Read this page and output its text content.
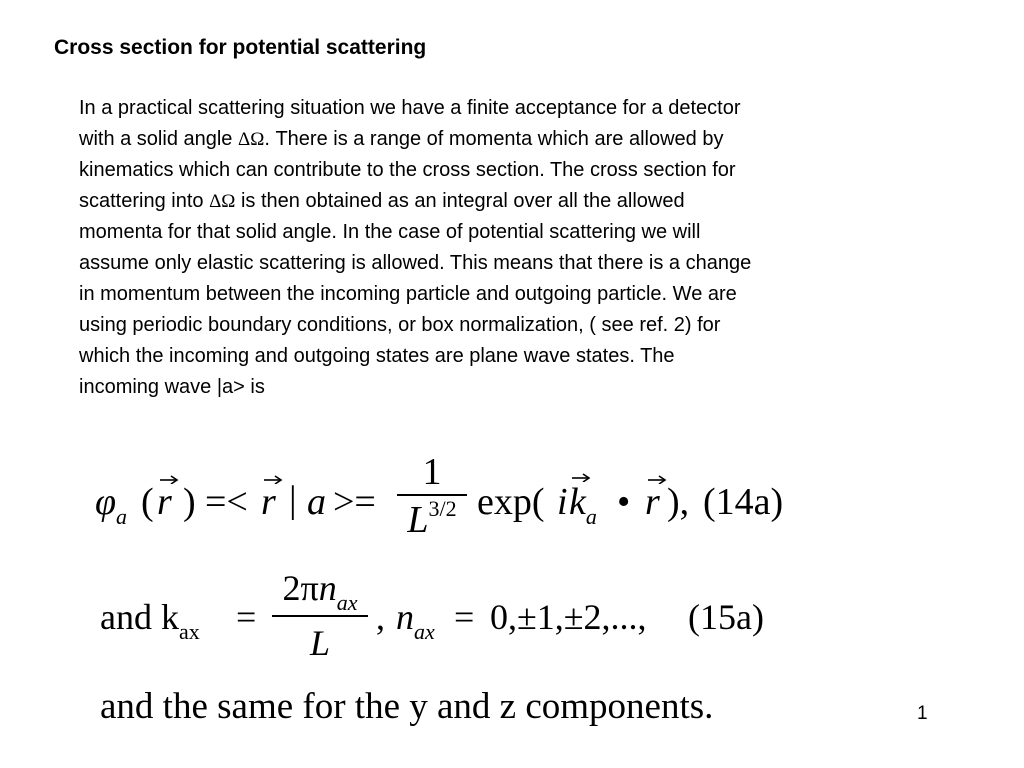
Cross section for potential scattering
In a practical scattering situation we have a finite acceptance for a detector
with a solid angle ΔΩ. There is a range of momenta which are allowed by
kinematics which can contribute to the cross section. The cross section for
scattering into ΔΩ is then obtained as an integral over all the allowed
momenta for that solid angle. In the case of potential scattering we will
assume only elastic scattering is allowed. This means that there is a change
in momentum between the incoming particle and outgoing particle. We are
using periodic boundary conditions, or box normalization, ( see ref. 2) for
which the incoming and outgoing states are plane wave states. The
incoming wave |a> is
$\varphi_a$ ( r ) =< r | a >=
1
$L^{3/2}$ exp( i k
$_a$ • r ), (14a)
and $k_{ax}$ =
$2\pi n_{ax}$
L
, $n_{ax} = 0,\pm 1,\pm 2$,..., (15a)
and the same for the y and z components.	1
